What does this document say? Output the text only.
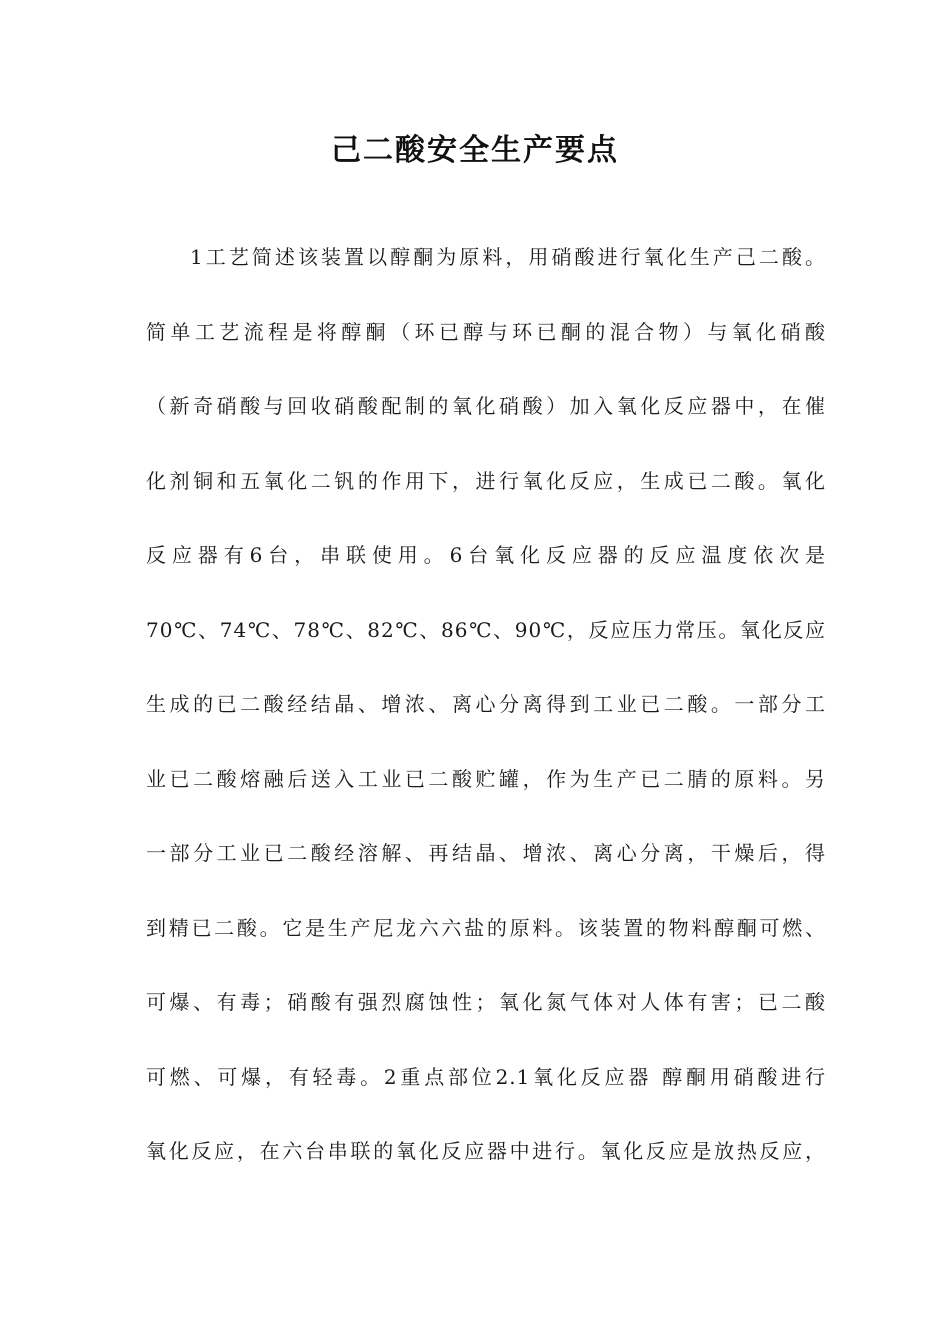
己二酸安全生产要点
1工艺简述该装置以醇酮为原料，用硝酸进行氧化生产己二酸。
简单工艺流程是将醇酮（环已醇与环已酮的混合物）与氧化硝酸
（新奇硝酸与回收硝酸配制的氧化硝酸）加入氧化反应器中，在催
化剂铜和五氧化二钒的作用下，进行氧化反应，生成已二酸。氧化
反应器有6台，串联使用。6台氧化反应器的反应温度依次是
70℃、74℃、78℃、82℃、86℃、90℃，反应压力常压。氧化反应
生成的已二酸经结晶、增浓、离心分离得到工业已二酸。一部分工
业已二酸熔融后送入工业已二酸贮罐，作为生产已二腈的原料。另
一部分工业已二酸经溶解、再结晶、增浓、离心分离，干燥后，得
到精已二酸。它是生产尼龙六六盐的原料。该装置的物料醇酮可燃、
可爆、有毒；硝酸有强烈腐蚀性；氧化氮气体对人体有害；已二酸
可燃、可爆，有轻毒。2重点部位2.1氧化反应器 醇酮用硝酸进行
氧化反应，在六台串联的氧化反应器中进行。氧化反应是放热反应，
